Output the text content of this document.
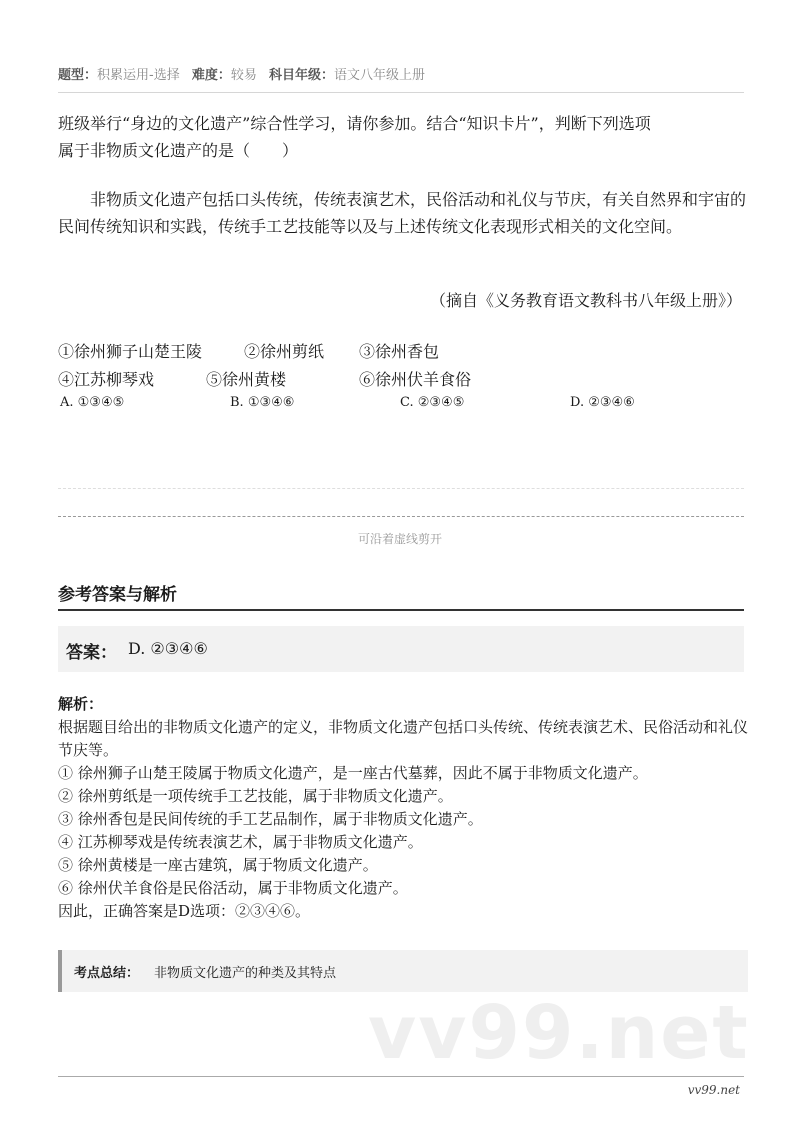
题型：积累运用-选择 难度：较易 科目年级：语文八年级上册
班级举行“身边的文化遗产”综合性学习，请你参加。结合“知识卡片”，判断下列选项
属于非物质文化遗产的是（　　）
非物质文化遗产包括口头传统，传统表演艺术，民俗活动和礼仪与节庆，有关自然界和宇宙的民间传统知识和实践，传统手工艺技能等以及与上述传统文化表现形式相关的文化空间。
（摘自《义务教育语文教科书八年级上册》）
①徐州狮子山楚王陵	②徐州剪纸 ③徐州香包
④江苏柳琴戏	⑤徐州黄楼	⑥徐州伏羊食俗
A. ①③④⑤	B. ①③④⑥	C. ②③④⑤	D. ②③④⑥
可沿着虚线剪开
参考答案与解析
答案： D. ②③④⑥
解析：

根据题目给出的非物质文化遗产的定义，非物质文化遗产包括口头传统、传统表演艺术、民俗活动和礼仪节庆等。

① 徐州狮子山楚王陵属于物质文化遗产，是一座古代墓葬，因此不属于非物质文化遗产。

② 徐州剪纸是一项传统手工艺技能，属于非物质文化遗产。

③ 徐州香包是民间传统的手工艺品制作，属于非物质文化遗产。

④ 江苏柳琴戏是传统表演艺术，属于非物质文化遗产。

⑤ 徐州黄楼是一座古建筑，属于物质文化遗产。

⑥ 徐州伏羊食俗是民俗活动，属于非物质文化遗产。

因此，正确答案是D选项：②③④⑥。

考点总结： 非物质文化遗产的种类及其特点
vv99.net
vv99.net
